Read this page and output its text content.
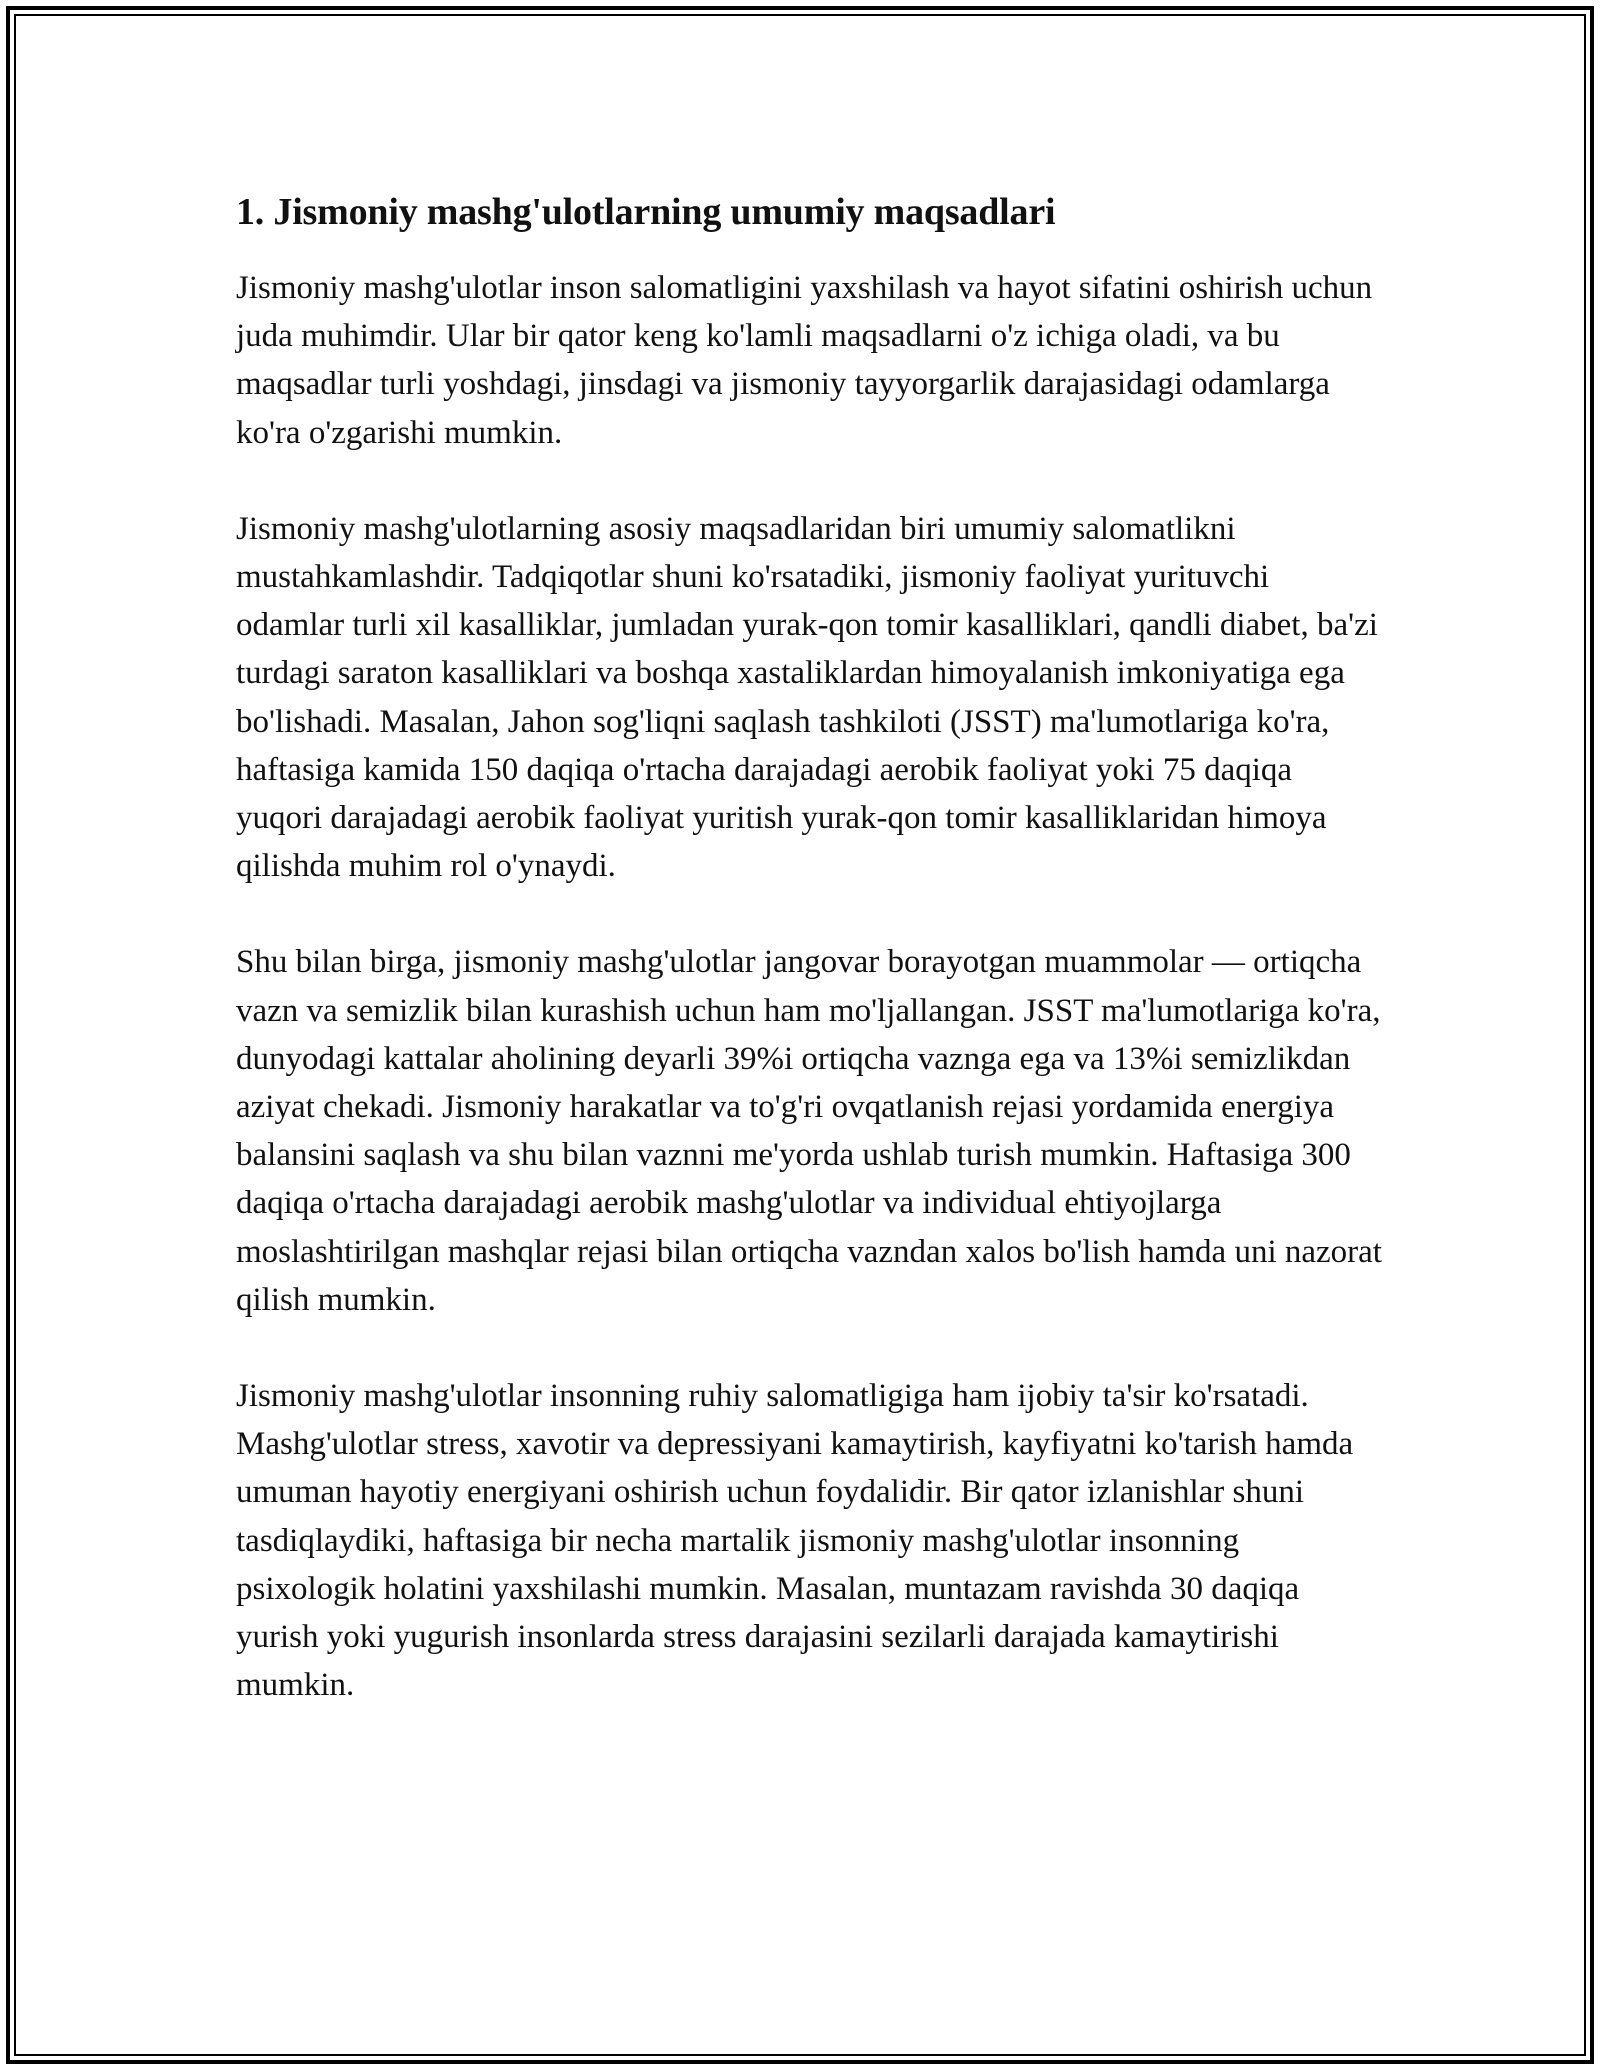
1. Jismoniy mashg'ulotlarning umumiy maqsadlari

Jismoniy mashg'ulotlar inson salomatligini yaxshilash va hayot sifatini oshirish uchun juda muhimdir. Ular bir qator keng ko'lamli maqsadlarni o'z ichiga oladi, va bu maqsadlar turli yoshdagi, jinsdagi va jismoniy tayyorgarlik darajasidagi odamlarga ko'ra o'zgarishi mumkin.

Jismoniy mashg'ulotlarning asosiy maqsadlaridan biri umumiy salomatlikni mustahkamlashdir. Tadqiqotlar shuni ko'rsatadiki, jismoniy faoliyat yurituvchi odamlar turli xil kasalliklar, jumladan yurak-qon tomir kasalliklari, qandli diabet, ba'zi turdagi saraton kasalliklari va boshqa xastaliklardan himoyalanish imkoniyatiga ega bo'lishadi. Masalan, Jahon sog'liqni saqlash tashkiloti (JSST) ma'lumotlariga ko'ra, haftasiga kamida 150 daqiqa o'rtacha darajadagi aerobik faoliyat yoki 75 daqiqa yuqori darajadagi aerobik faoliyat yuritish yurak-qon tomir kasalliklaridan himoya qilishda muhim rol o'ynaydi.

Shu bilan birga, jismoniy mashg'ulotlar jangovar borayotgan muammolar — ortiqcha vazn va semizlik bilan kurashish uchun ham mo'ljallangan. JSST ma'lumotlariga ko'ra, dunyodagi kattalar aholining deyarli 39%i ortiqcha vaznga ega va 13%i semizlikdan aziyat chekadi. Jismoniy harakatlar va to'g'ri ovqatlanish rejasi yordamida energiya balansini saqlash va shu bilan vaznni me'yorda ushlab turish mumkin. Haftasiga 300 daqiqa o'rtacha darajadagi aerobik mashg'ulotlar va individual ehtiyojlarga moslashtirilgan mashqlar rejasi bilan ortiqcha vazndan xalos bo'lish hamda uni nazorat qilish mumkin.

Jismoniy mashg'ulotlar insonning ruhiy salomatligiga ham ijobiy ta'sir ko'rsatadi. Mashg'ulotlar stress, xavotir va depressiyani kamaytirish, kayfiyatni ko'tarish hamda umuman hayotiy energiyani oshirish uchun foydalidir. Bir qator izlanishlar shuni tasdiqlaydiki, haftasiga bir necha martalik jismoniy mashg'ulotlar insonning psixologik holatini yaxshilashi mumkin. Masalan, muntazam ravishda 30 daqiqa yurish yoki yugurish insonlarda stress darajasini sezilarli darajada kamaytirishi mumkin.
